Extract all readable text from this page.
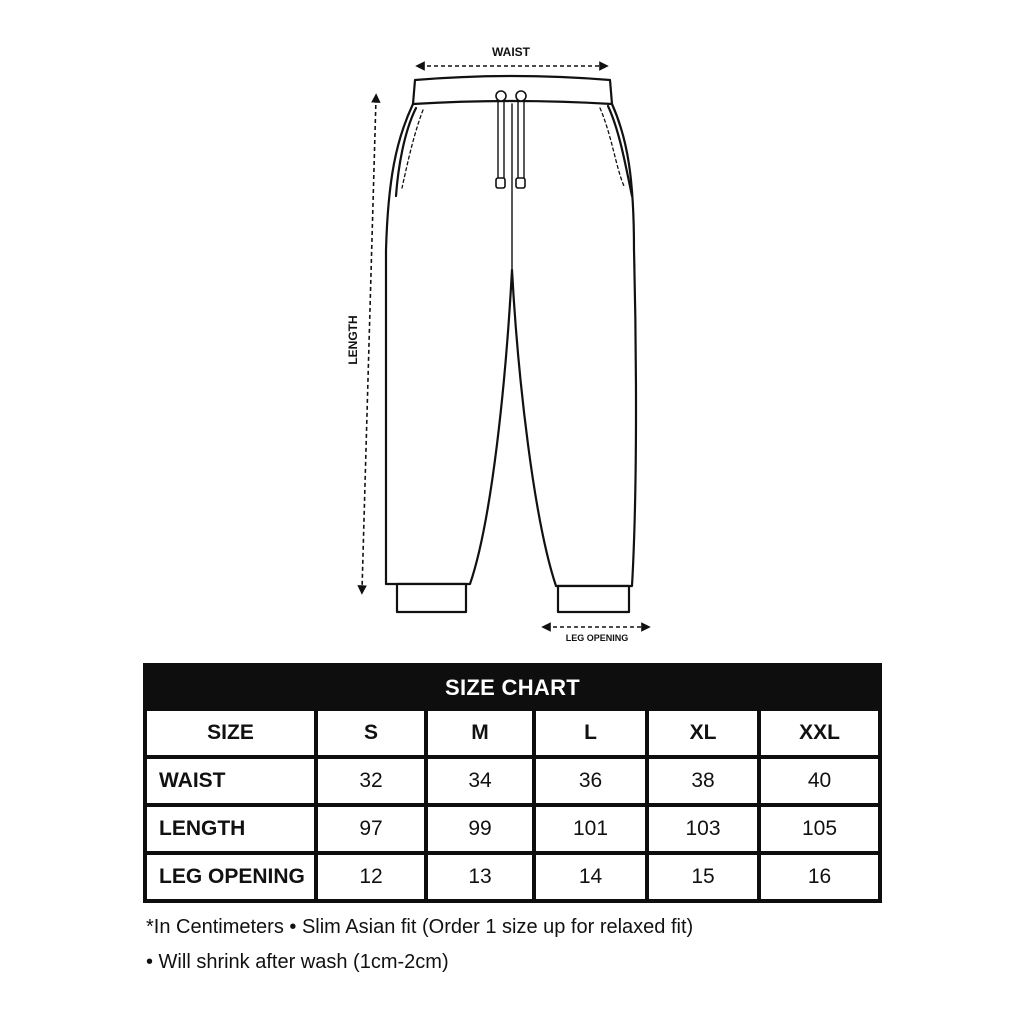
WAIST
LENGTH
LEG OPENING
SIZE CHART
SIZE	S	M	L	XL	XXL
WAIST	32	34	36	38	40
LENGTH	97	99	101	103	105
LEG OPENING	12	13	14	15	16
*In Centimeters • Slim Asian fit (Order 1 size up for relaxed fit)
• Will shrink after wash (1cm-2cm)
